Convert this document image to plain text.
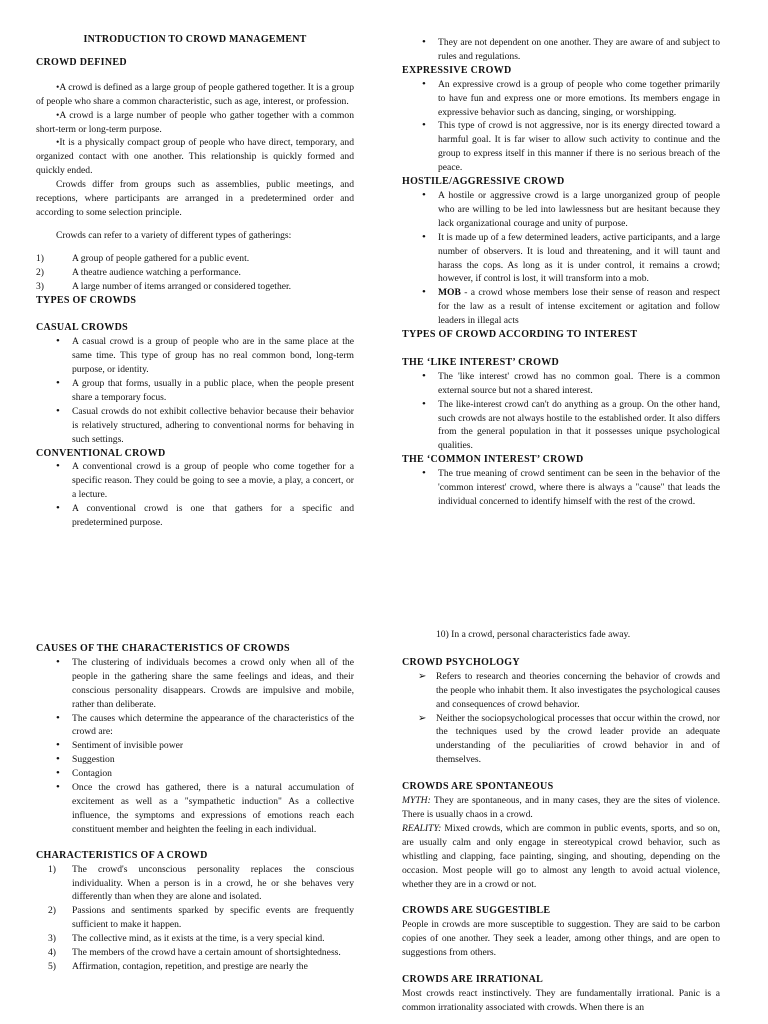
INTRODUCTION TO CROWD MANAGEMENT
CROWD DEFINED

•A crowd is defined as a large group of people gathered together. It is a group of people who share a common characteristic, such as age, interest, or profession.

•A crowd is a large number of people who gather together with a common short-term or long-term purpose.

•It is a physically compact group of people who have direct, temporary, and organized contact with one another. This relationship is quickly formed and quickly ended.

Crowds differ from groups such as assemblies, public meetings, and receptions, where participants are arranged in a predetermined order and according to some selection principle.

Crowds can refer to a variety of different types of gatherings:

1)	A group of people gathered for a public event.
2)	A theatre audience watching a performance.
3)	A large number of items arranged or considered together.
TYPES OF CROWDS
CASUAL CROWDS
• A casual crowd is a group of people who are in the same place at the same time. This type of group has no real common bond, long-term purpose, or identity.
• A group that forms, usually in a public place, when the people present share a temporary focus.
• Casual crowds do not exhibit collective behavior because their behavior is relatively structured, adhering to conventional norms for behaving in such settings.
CONVENTIONAL CROWD
• A conventional crowd is a group of people who come together for a specific reason. They could be going to see a movie, a play, a concert, or a lecture.
• A conventional crowd is one that gathers for a specific and predetermined purpose.
• They are not dependent on one another. They are aware of and subject to rules and regulations.
EXPRESSIVE CROWD
• An expressive crowd is a group of people who come together primarily to have fun and express one or more emotions. Its members engage in expressive behavior such as dancing, singing, or worshipping.
• This type of crowd is not aggressive, nor is its energy directed toward a harmful goal. It is far wiser to allow such activity to continue and the group to express itself in this manner if there is no serious breach of the peace.
HOSTILE/AGGRESSIVE CROWD
• A hostile or aggressive crowd is a large unorganized group of people who are willing to be led into lawlessness but are hesitant because they lack organizational courage and unity of purpose.
• It is made up of a few determined leaders, active participants, and a large number of observers. It is loud and threatening, and it will taunt and harass the cops. As long as it is under control, it remains a crowd; however, if control is lost, it will transform into a mob.
• MOB - a crowd whose members lose their sense of reason and respect for the law as a result of intense excitement or agitation and follow leaders in illegal acts
TYPES OF CROWD ACCORDING TO INTEREST
THE ‘LIKE INTEREST’ CROWD
• The 'like interest' crowd has no common goal. There is a common external source but not a shared interest.
• The like-interest crowd can't do anything as a group. On the other hand, such crowds are not always hostile to the established order. It also differs from the general population in that it possesses unique psychological qualities.
THE ‘COMMON INTEREST’ CROWD
• The true meaning of crowd sentiment can be seen in the behavior of the 'common interest' crowd, where there is always a "cause" that leads the individual concerned to identify himself with the rest of the crowd.
CAUSES OF THE CHARACTERISTICS OF CROWDS
• The clustering of individuals becomes a crowd only when all of the people in the gathering share the same feelings and ideas, and their conscious personality disappears. Crowds are impulsive and mobile, rather than deliberate.
• The causes which determine the appearance of the characteristics of the crowd are:
• Sentiment of invisible power
• Suggestion
• Contagion
• Once the crowd has gathered, there is a natural accumulation of excitement as well as a "sympathetic induction" As a collective influence, the symptoms and expressions of emotions reach each constituent member and heighten the feeling in each individual.
CHARACTERISTICS OF A CROWD
1) The crowd's unconscious personality replaces the conscious individuality. When a person is in a crowd, he or she behaves very differently than when they are alone and isolated.
2) Passions and sentiments sparked by specific events are frequently sufficient to make it happen.
3) The collective mind, as it exists at the time, is a very special kind.
4) The members of the crowd have a certain amount of shortsightedness.
5) Affirmation, contagion, repetition, and prestige are nearly the

10) In a crowd, personal characteristics fade away.

CROWD PSYCHOLOGY
➢ Refers to research and theories concerning the behavior of crowds and the people who inhabit them. It also investigates the psychological causes and consequences of crowd behavior.
➢ Neither the sociopsychological processes that occur within the crowd, nor the techniques used by the crowd leader provide an adequate understanding of the peculiarities of crowd behavior in and of themselves.
CROWDS ARE SPONTANEOUS

MYTH: They are spontaneous, and in many cases, they are the sites of violence. There is usually chaos in a crowd.

REALITY: Mixed crowds, which are common in public events, sports, and so on, are usually calm and only engage in stereotypical crowd behavior, such as whistling and clapping, face painting, singing, and shouting, depending on the occasion. Most people will go to almost any length to avoid actual violence, whether they are in a crowd or not.

CROWDS ARE SUGGESTIBLE

People in crowds are more susceptible to suggestion. They are said to be carbon copies of one another. They seek a leader, among other things, and are open to suggestions from others.

CROWDS ARE IRRATIONAL

Most crowds react instinctively. They are fundamentally irrational. Panic is a common irrationality associated with crowds. When there is an
